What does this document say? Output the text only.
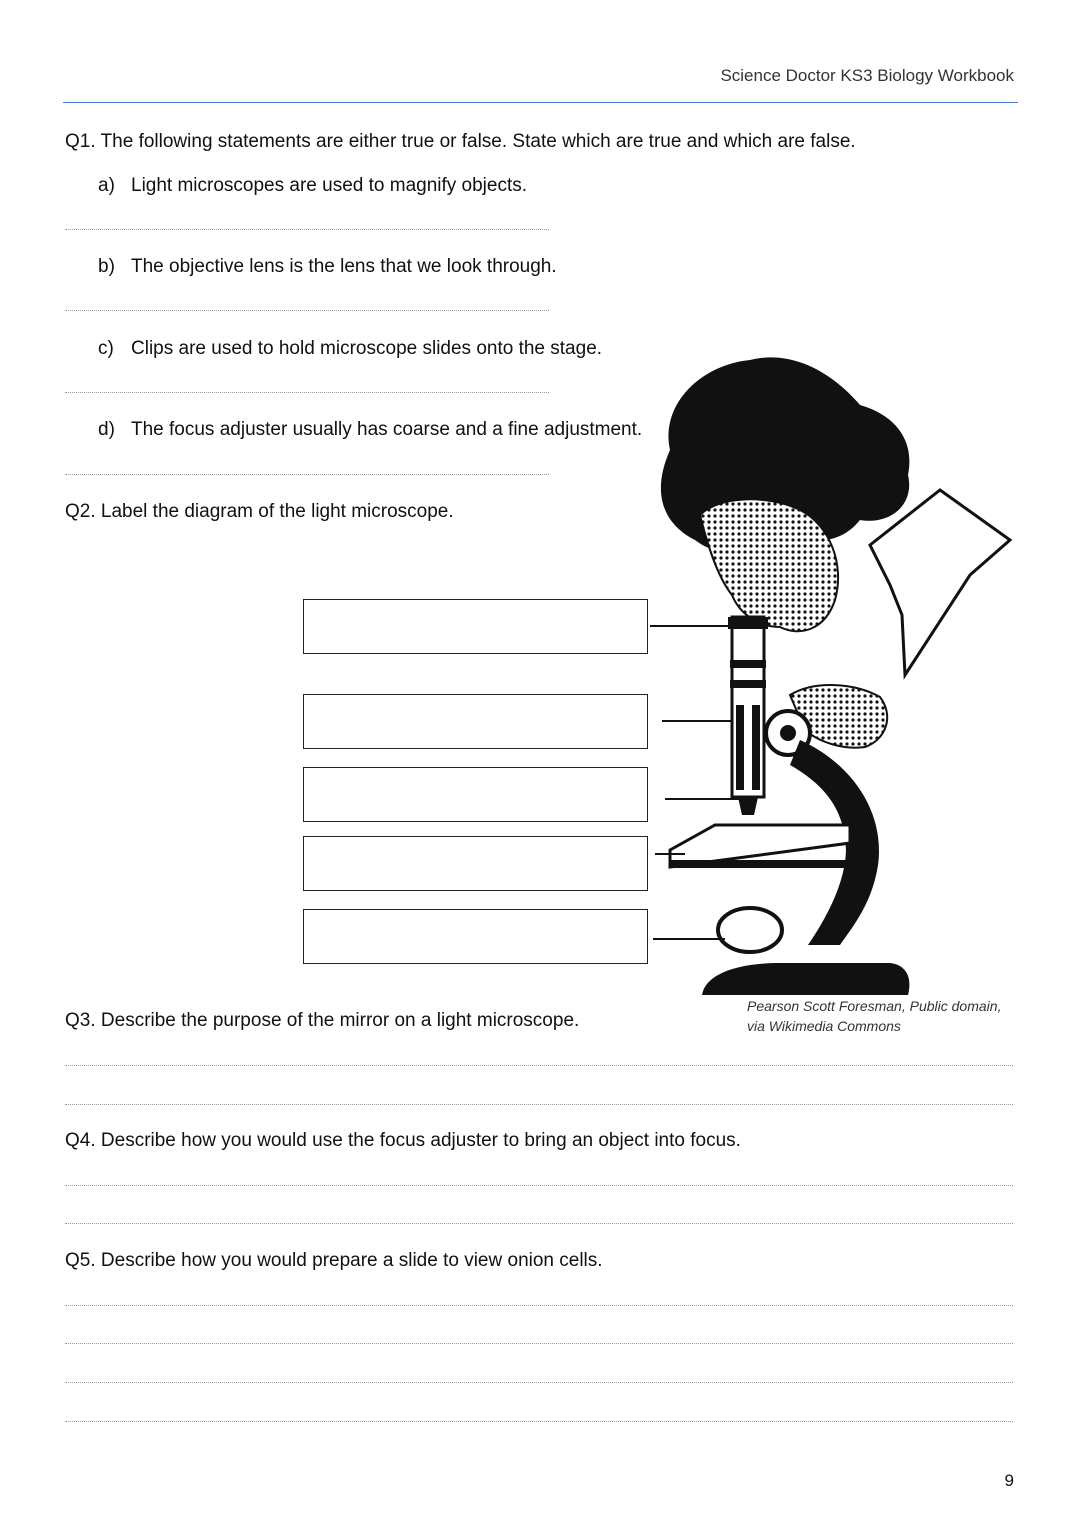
Science Doctor KS3 Biology Workbook
Q1. The following statements are either true or false. State which are true and which are false.
a) Light microscopes are used to magnify objects.
b) The objective lens is the lens that we look through.
c) Clips are used to hold microscope slides onto the stage.
d) The focus adjuster usually has coarse and a fine adjustment.
Q2. Label the diagram of the light microscope.
Pearson Scott Foresman, Public domain,
via Wikimedia Commons
Q3. Describe the purpose of the mirror on a light microscope.
Q4. Describe how you would use the focus adjuster to bring an object into focus.
Q5. Describe how you would prepare a slide to view onion cells.
9
